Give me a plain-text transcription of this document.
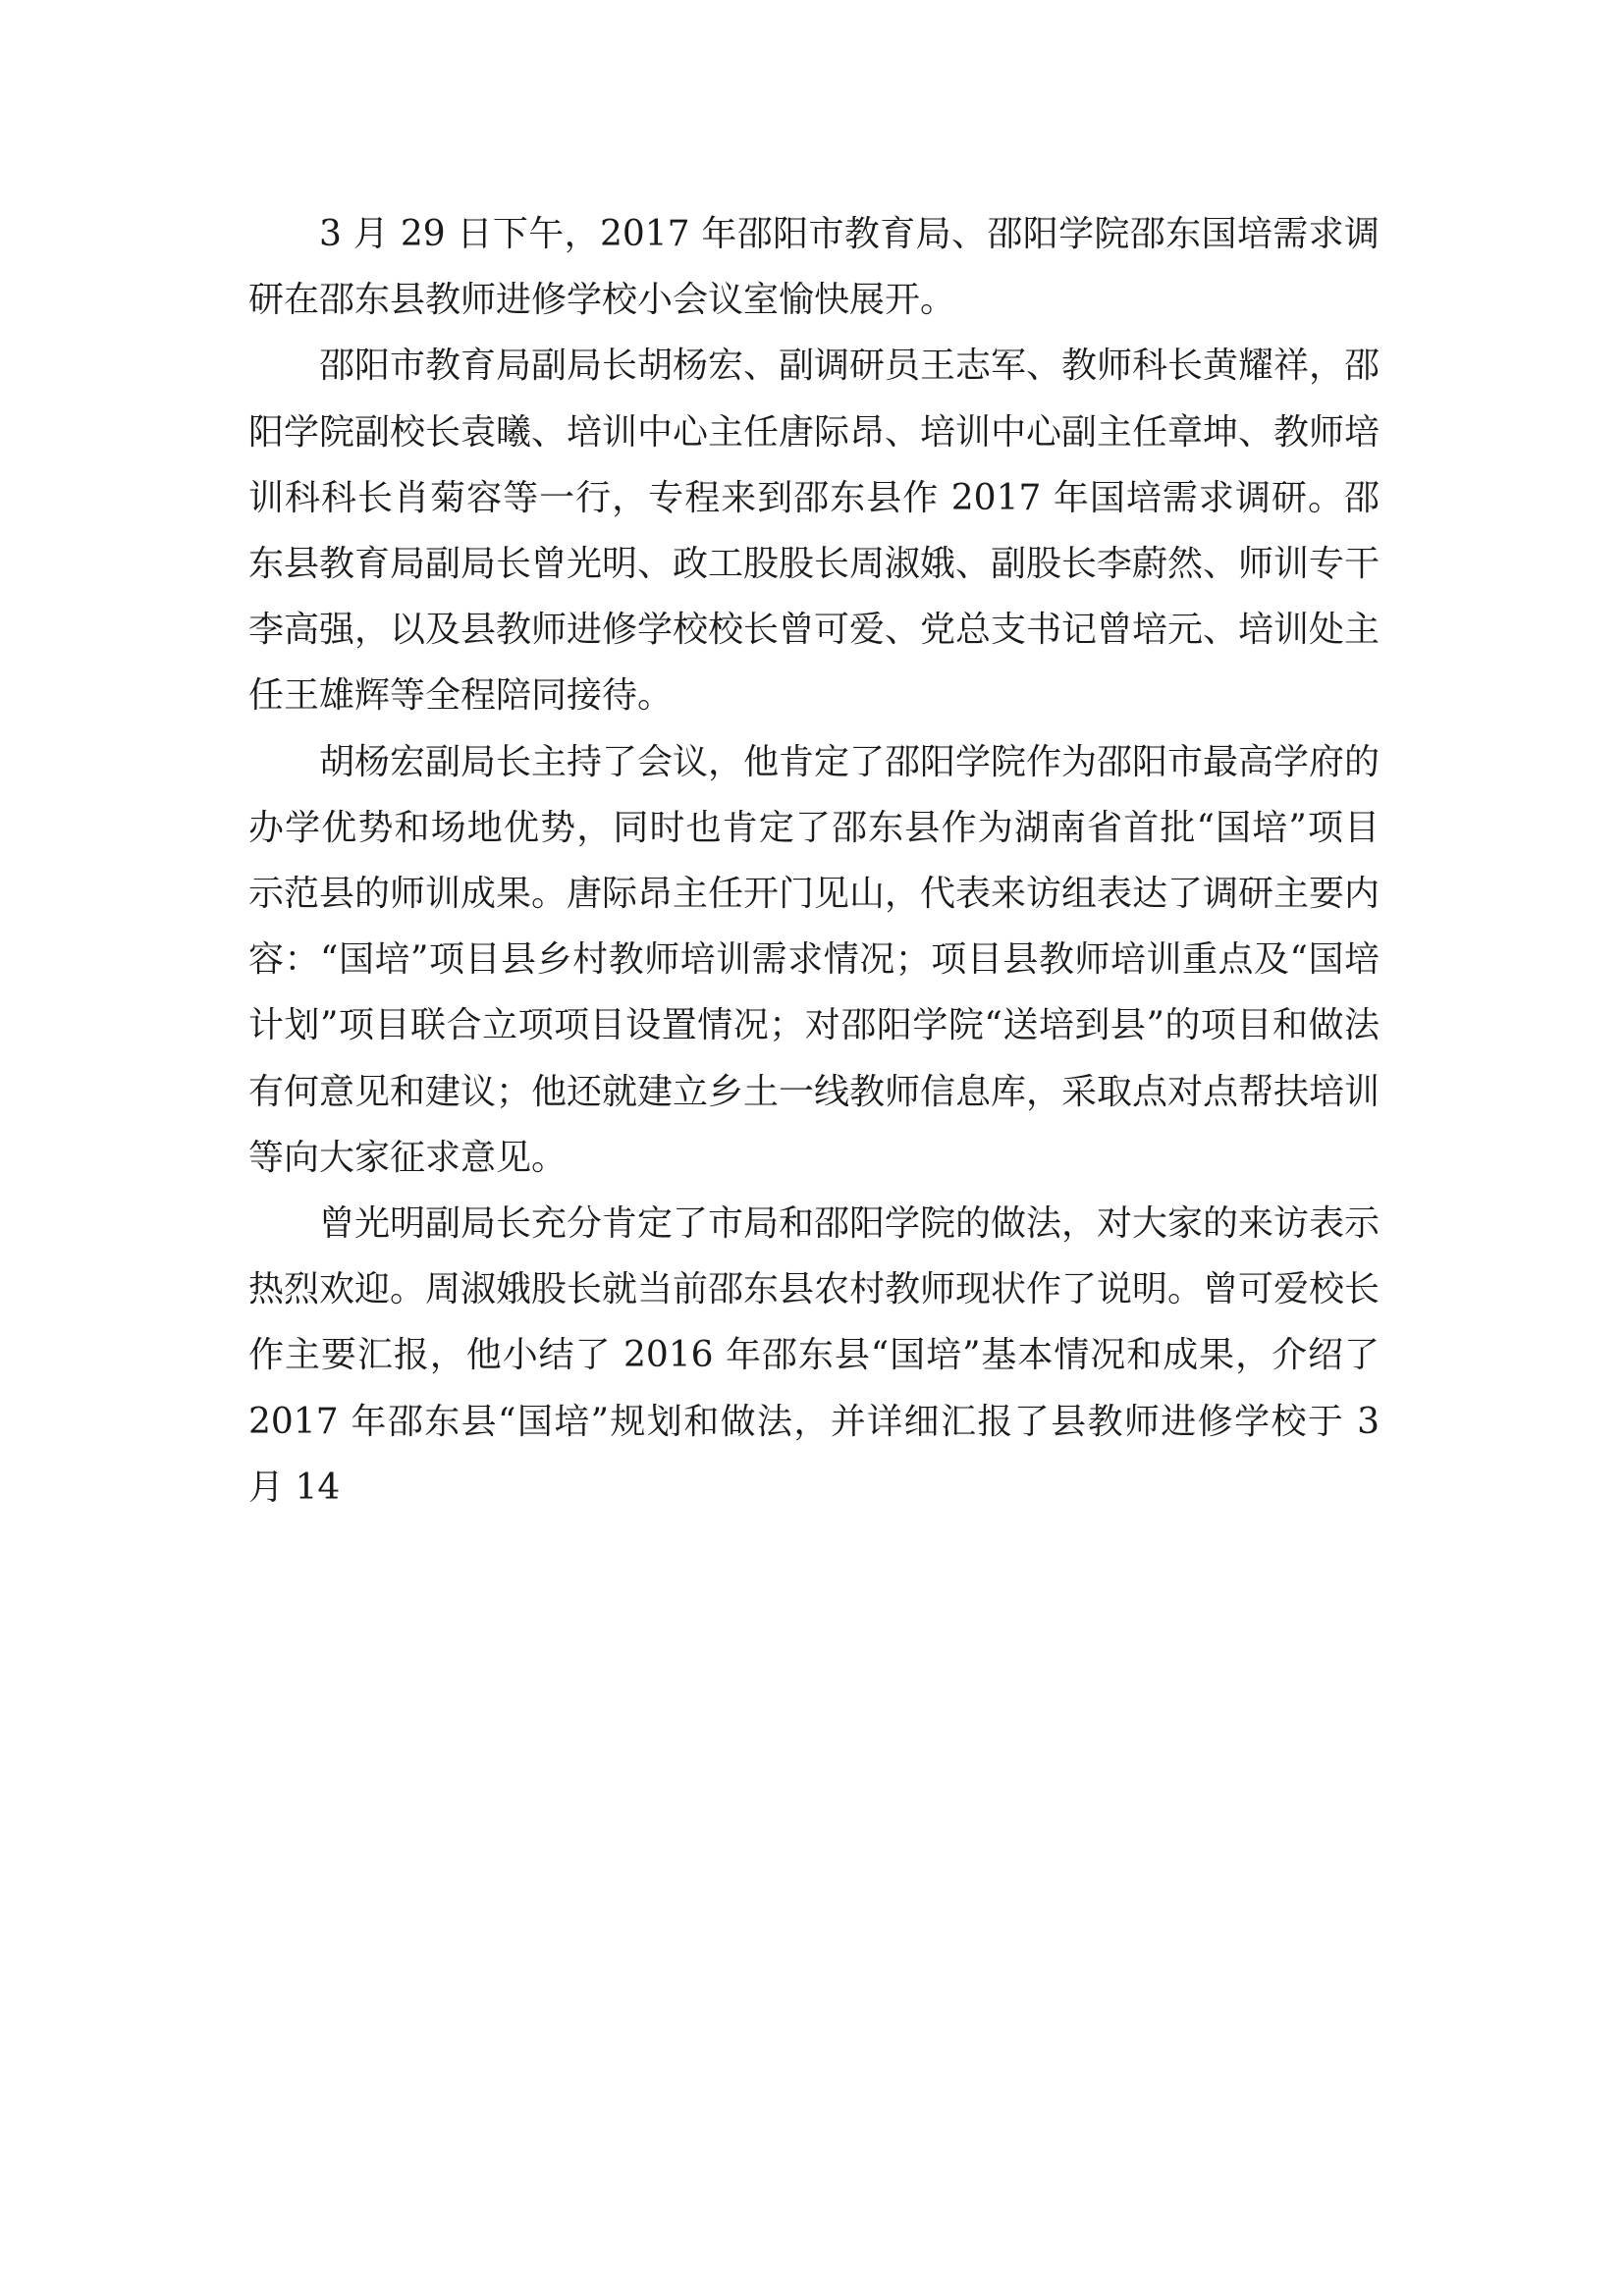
3 月 29 日下午，2017 年邵阳市教育局、邵阳学院邵东国培需求调研在邵东县教师进修学校小会议室愉快展开。

邵阳市教育局副局长胡杨宏、副调研员王志军、教师科长黄耀祥，邵阳学院副校长袁曦、培训中心主任唐际昂、培训中心副主任章坤、教师培训科科长肖菊容等一行，专程来到邵东县作 2017 年国培需求调研。邵东县教育局副局长曾光明、政工股股长周淑娥、副股长李蔚然、师训专干李高强，以及县教师进修学校校长曾可爱、党总支书记曾培元、培训处主任王雄辉等全程陪同接待。

胡杨宏副局长主持了会议，他肯定了邵阳学院作为邵阳市最高学府的办学优势和场地优势，同时也肯定了邵东县作为湖南省首批“国培”项目示范县的师训成果。唐际昂主任开门见山，代表来访组表达了调研主要内容：“国培”项目县乡村教师培训需求情况；项目县教师培训重点及“国培计划”项目联合立项项目设置情况；对邵阳学院“送培到县”的项目和做法有何意见和建议；他还就建立乡土一线教师信息库，采取点对点帮扶培训等向大家征求意见。

曾光明副局长充分肯定了市局和邵阳学院的做法，对大家的来访表示热烈欢迎。周淑娥股长就当前邵东县农村教师现状作了说明。曾可爱校长作主要汇报，他小结了 2016 年邵东县“国培”基本情况和成果，介绍了 2017 年邵东县“国培”规划和做法，并详细汇报了县教师进修学校于 3 月 14
